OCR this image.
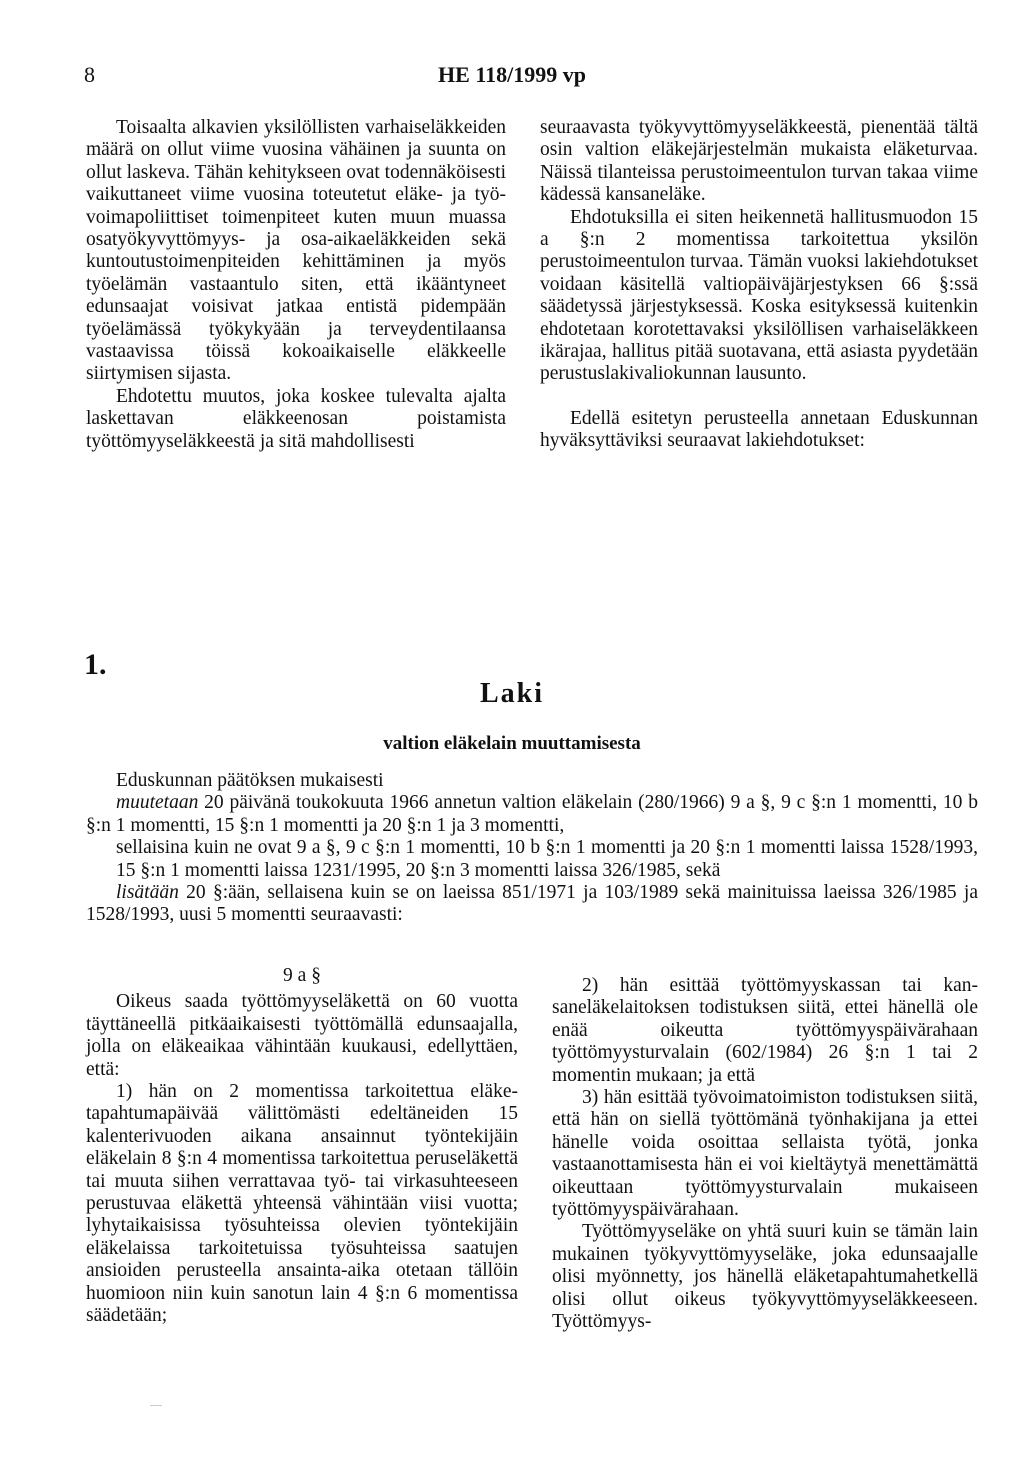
8	HE 118/1999 vp

Toisaalta alkavien yksilöllisten varhaiseläkkeiden määrä on ollut viime vuosina vähäinen ja suunta on ollut laskeva. Tähän kehitykseen ovat todennäköisesti vaikuttaneet viime vuosina toteutetut eläke- ja työvoimapoliittiset toimenpiteet kuten muun muassa osatyökyvyttömyys- ja osa-aikaeläkkeiden sekä kuntoutustoimenpiteiden kehittäminen ja myös työelämän vastaantulo siten, että ikääntyneet edunsaajat voisivat jatkaa entistä pidempään työelämässä työkykyään ja terveydentilaansa vastaavissa töissä kokoaikaiselle eläkkeelle siirtymisen sijasta.

Ehdotettu muutos, joka koskee tulevalta ajalta laskettavan eläkkeenosan poistamista työttömyyseläkkeestä ja sitä mahdollisesti

seuraavasta työkyvyttömyyseläkkeestä, pienentää tältä osin valtion eläkejärjestelmän mukaista eläketurvaa. Näissä tilanteissa perustoimeentulon turvan takaa viime kädessä kansaneläke.

Ehdotuksilla ei siten heikennetä hallitusmuodon 15 a §:n 2 momentissa tarkoitettua yksilön perustoimeentulon turvaa. Tämän vuoksi lakiehdotukset voidaan käsitellä valtiopäiväjärjestyksen 66 §:ssä säädetyssä järjestyksessä. Koska esityksessä kuitenkin ehdotetaan korotettavaksi yksilöllisen varhaiseläkkeen ikärajaa, hallitus pitää suotavana, että asiasta pyydetään perustuslakivaliokunnan lausunto.

Edellä esitetyn perusteella annetaan Eduskunnan hyväksyttäviksi seuraavat lakiehdotukset:

1.
Laki
valtion eläkelain muuttamisesta

Eduskunnan päätöksen mukaisesti

muutetaan 20 päivänä toukokuuta 1966 annetun valtion eläkelain (280/1966) 9 a §, 9 c §:n 1 momentti, 10 b §:n 1 momentti, 15 §:n 1 momentti ja 20 §:n 1 ja 3 momentti,

sellaisina kuin ne ovat 9 a §, 9 c §:n 1 momentti, 10 b §:n 1 momentti ja 20 §:n 1 momentti laissa 1528/1993, 15 §:n 1 momentti laissa 1231/1995, 20 §:n 3 momentti laissa 326/1985, sekä

lisätään 20 §:ään, sellaisena kuin se on laeissa 851/1971 ja 103/1989 sekä mainituissa laeissa 326/1985 ja 1528/1993, uusi 5 momentti seuraavasti:

9 a §

Oikeus saada työttömyyseläkettä on 60 vuotta täyttäneellä pitkäaikaisesti työttömällä edunsaajalla, jolla on eläkeaikaa vähintään kuukausi, edellyttäen, että:

1) hän on 2 momentissa tarkoitettua eläketapahtumapäivää välittömästi edeltäneiden 15 kalenterivuoden aikana ansainnut työntekijäin eläkelain 8 §:n 4 momentissa tarkoitettua peruseläkettä tai muuta siihen verrattavaa työ- tai virkasuhteeseen perustuvaa eläkettä yhteensä vähintään viisi vuotta; lyhytaikaisissa työsuhteissa olevien työntekijäin eläkelaissa tarkoitetuissa työsuhteissa saatujen ansioiden perusteella ansainta-aika otetaan tällöin huomioon niin kuin sanotun lain 4 §:n 6 momentissa säädetään;

2) hän esittää työttömyyskassan tai kansaneläkelaitoksen todistuksen siitä, ettei hänellä ole enää oikeutta työttömyyspäivärahaan työttömyysturvalain (602/1984) 26 §:n 1 tai 2 momentin mukaan; ja että

3) hän esittää työvoimatoimiston todistuksen siitä, että hän on siellä työttömänä työnhakijana ja ettei hänelle voida osoittaa sellaista työtä, jonka vastaanottamisesta hän ei voi kieltäytyä menettämättä oikeuttaan työttömyysturvalain mukaiseen työttömyyspäivärahaan.

Työttömyyseläke on yhtä suuri kuin se tämän lain mukainen työkyvyttömyyseläke, joka edunsaajalle olisi myönnetty, jos hänellä eläketapahtumahetkellä olisi ollut oikeus työkyvyttömyyseläkkeeseen. Työttömyys-
